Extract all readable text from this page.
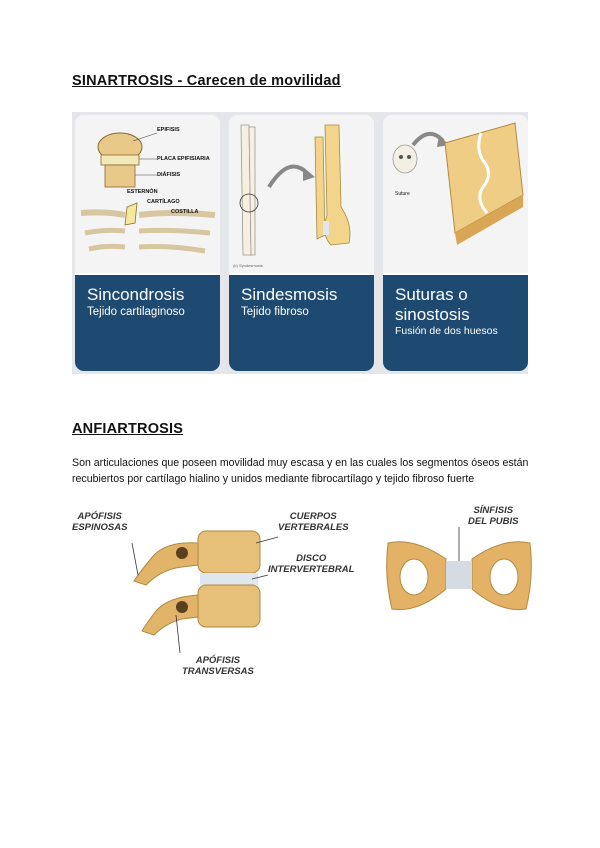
SINARTROSIS - Carecen de movilidad
EPIFISIS
PLACA EPIFISIARIA
DIÁFISIS
ESTERNÓN
CARTÍLAGO
COSTILLA
Sincondrosis
Tejido cartilaginoso
(b) Syndesmosis
Sindesmosis
Tejido fibroso
Suture
Suturas o sinostosis
Fusión de dos huesos
ANFIARTROSIS
Son articulaciones que poseen movilidad muy escasa y en las cuales los segmentos óseos están recubiertos por cartílago hialino y unidos mediante fibrocartílago y tejido fibroso fuerte
APÓFISIS
ESPINOSAS
CUERPOS
VERTEBRALES
DISCO
INTERVERTEBRAL
APÓFISIS
TRANSVERSAS
SÍNFISIS
DEL PUBIS
